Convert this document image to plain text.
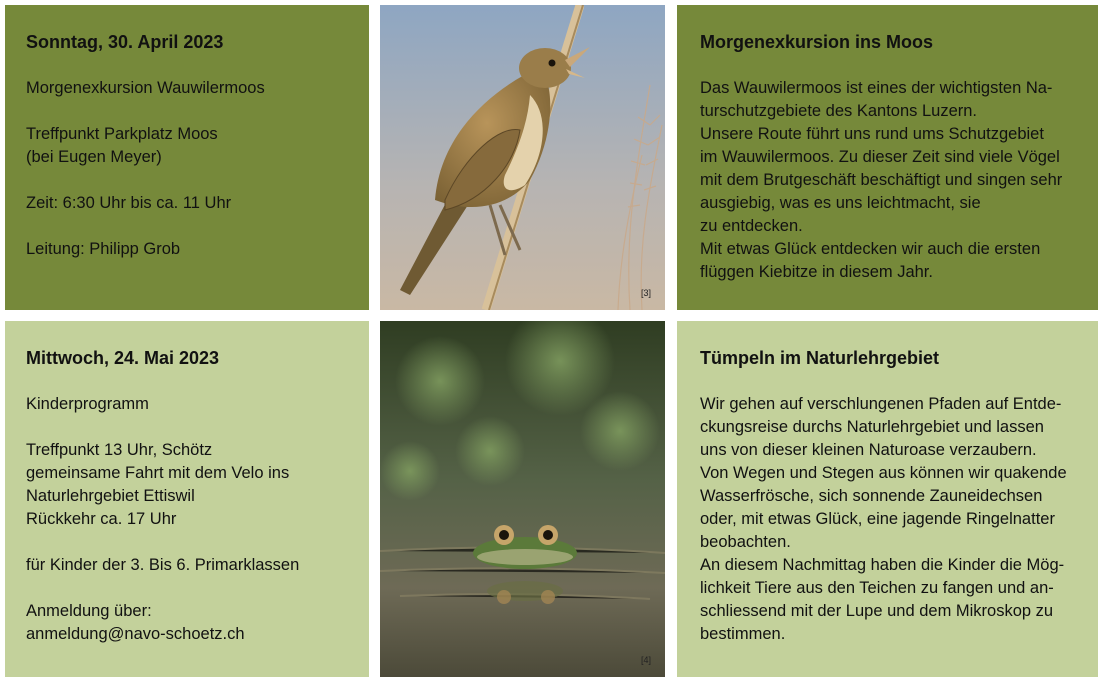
Sonntag, 30. April 2023

Morgenexkursion Wauwilermoos

Treffpunkt Parkplatz Moos

(bei Eugen Meyer)

Zeit: 6:30 Uhr bis ca. 11 Uhr

Leitung: Philipp Grob

[3]

Morgenexkursion ins Moos

Das Wauwilermoos ist eines der wichtigsten Na-

turschutzgebiete des Kantons Luzern.

Unsere Route führt uns rund ums Schutzgebiet

im Wauwilermoos. Zu dieser Zeit sind viele Vögel

mit dem Brutgeschäft beschäftigt und singen sehr

ausgiebig, was es uns leichtmacht, sie

zu entdecken.

Mit etwas Glück entdecken wir auch die ersten

flüggen Kiebitze in diesem Jahr.

Mittwoch, 24. Mai 2023

Kinderprogramm

Treffpunkt 13 Uhr, Schötz

gemeinsame Fahrt mit dem Velo ins

Naturlehrgebiet Ettiswil

Rückkehr ca. 17 Uhr

für Kinder der 3. Bis 6. Primarklassen

Anmeldung über:

anmeldung@navo-schoetz.ch

[4]

Tümpeln im Naturlehrgebiet

Wir gehen auf verschlungenen Pfaden auf Entde-

ckungsreise durchs Naturlehrgebiet und lassen

uns von dieser kleinen Naturoase verzaubern.

Von Wegen und Stegen aus können wir quakende

Wasserfrösche, sich sonnende Zauneidechsen

oder, mit etwas Glück, eine jagende Ringelnatter

beobachten.

An diesem Nachmittag haben die Kinder die Mög-

lichkeit Tiere aus den Teichen zu fangen und an-

schliessend mit der Lupe und dem Mikroskop zu

bestimmen.
